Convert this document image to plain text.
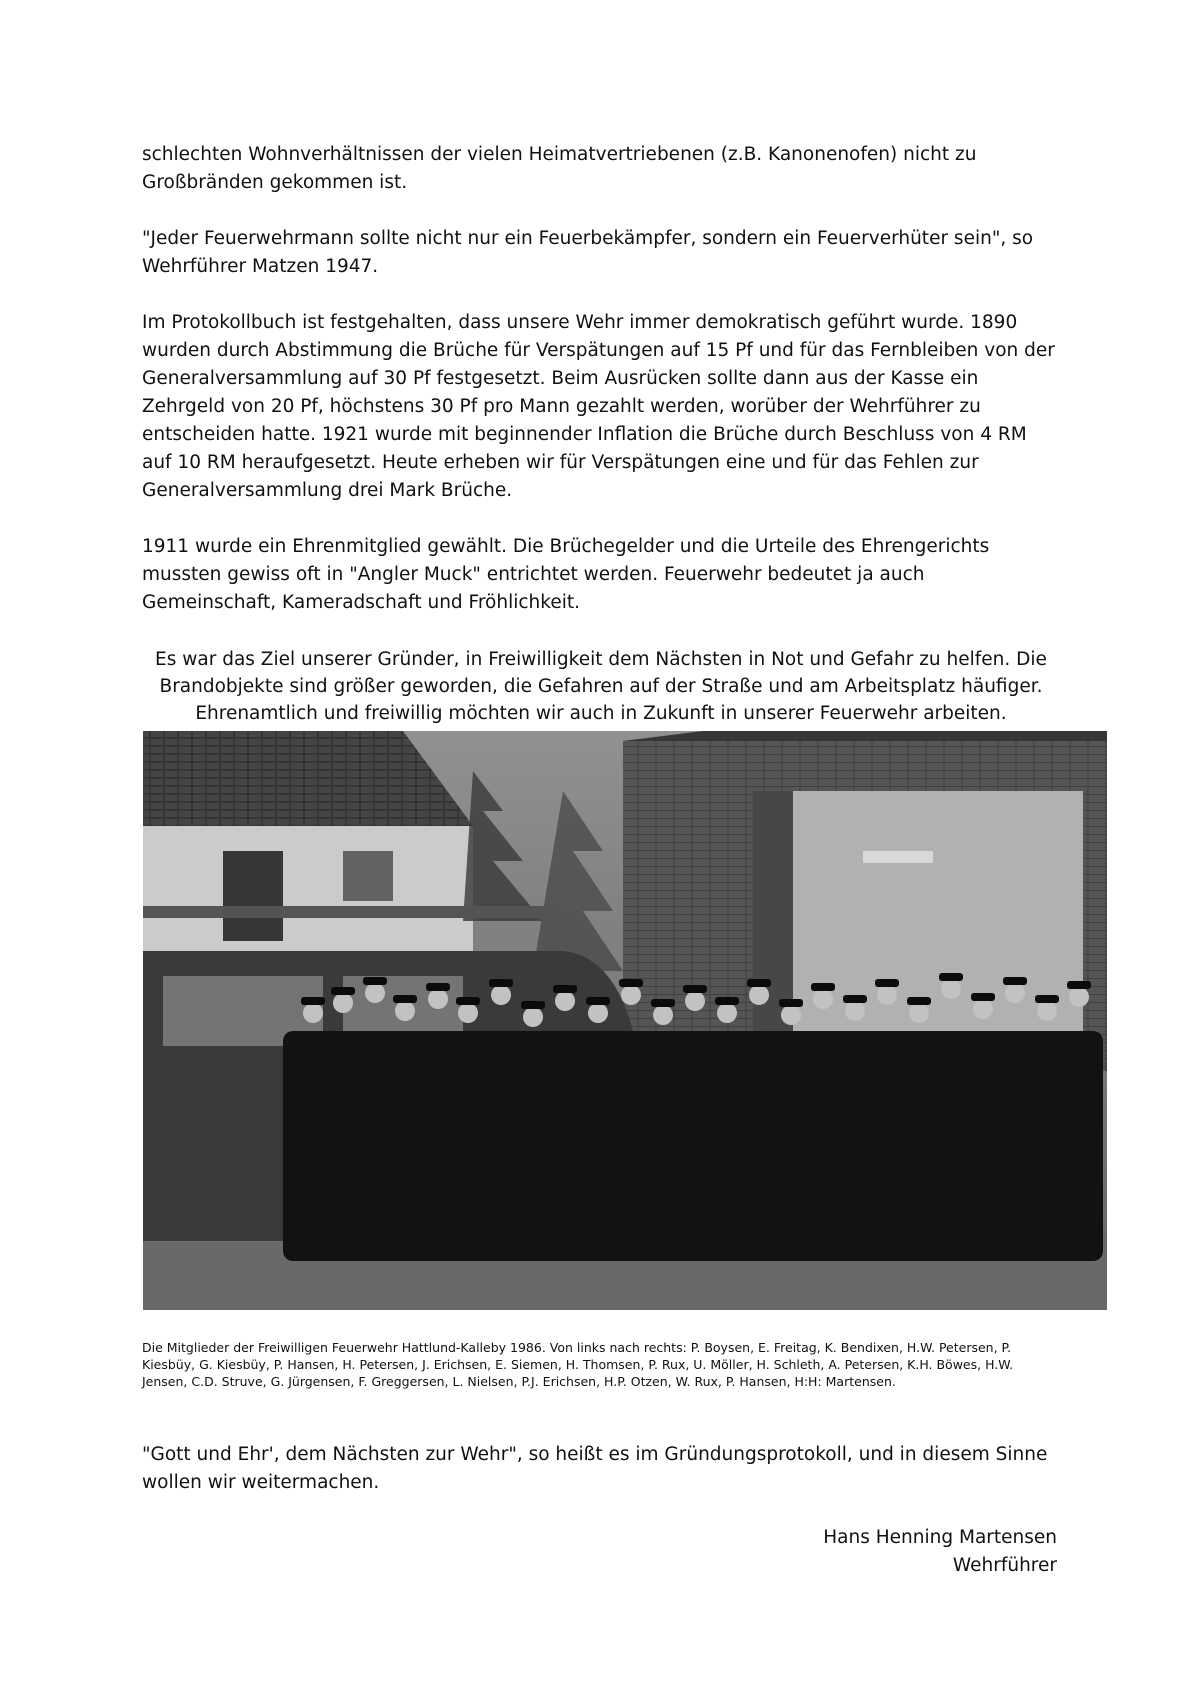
schlechten Wohnverhältnissen der vielen Heimatvertriebenen (z.B. Kanonenofen) nicht zu Großbränden gekommen ist.

"Jeder Feuerwehrmann sollte nicht nur ein Feuerbekämpfer, sondern ein Feuerverhüter sein", so Wehrführer Matzen 1947.

Im Protokollbuch ist festgehalten, dass unsere Wehr immer demokratisch geführt wurde. 1890 wurden durch Abstimmung die Brüche für Verspätungen auf 15 Pf und für das Fernbleiben von der Generalversammlung auf 30 Pf festgesetzt. Beim Ausrücken sollte dann aus der Kasse ein Zehrgeld von 20 Pf, höchstens 30 Pf pro Mann gezahlt werden, worüber der Wehrführer zu entscheiden hatte. 1921 wurde mit beginnender Inflation die Brüche durch Beschluss von 4 RM auf 10 RM heraufgesetzt. Heute erheben wir für Verspätungen eine und für das Fehlen zur Generalversammlung drei Mark Brüche.

1911 wurde ein Ehrenmitglied gewählt. Die Brüchegelder und die Urteile des Ehrengerichts mussten gewiss oft in "Angler Muck" entrichtet werden. Feuerwehr bedeutet ja auch Gemeinschaft, Kameradschaft und Fröhlichkeit.

Es war das Ziel unserer Gründer, in Freiwilligkeit dem Nächsten in Not und Gefahr zu helfen. Die Brandobjekte sind größer geworden, die Gefahren auf der Straße und am Arbeitsplatz häufiger. Ehrenamtlich und freiwillig möchten wir auch in Zukunft in unserer Feuerwehr arbeiten.

Die Mitglieder der Freiwilligen Feuerwehr Hattlund-Kalleby 1986. Von links nach rechts: P. Boysen, E. Freitag, K. Bendixen, H.W. Petersen, P. Kiesbüy, G. Kiesbüy, P. Hansen, H. Petersen, J. Erichsen, E. Siemen, H. Thomsen, P. Rux, U. Möller, H. Schleth, A. Petersen, K.H. Böwes, H.W. Jensen, C.D. Struve, G. Jürgensen, F. Greggersen, L. Nielsen, P.J. Erichsen, H.P. Otzen, W. Rux, P. Hansen, H:H: Martensen.

"Gott und Ehr', dem Nächsten zur Wehr", so heißt es im Gründungsprotokoll, und in diesem Sinne wollen wir weitermachen.

Hans Henning Martensen
Wehrführer
